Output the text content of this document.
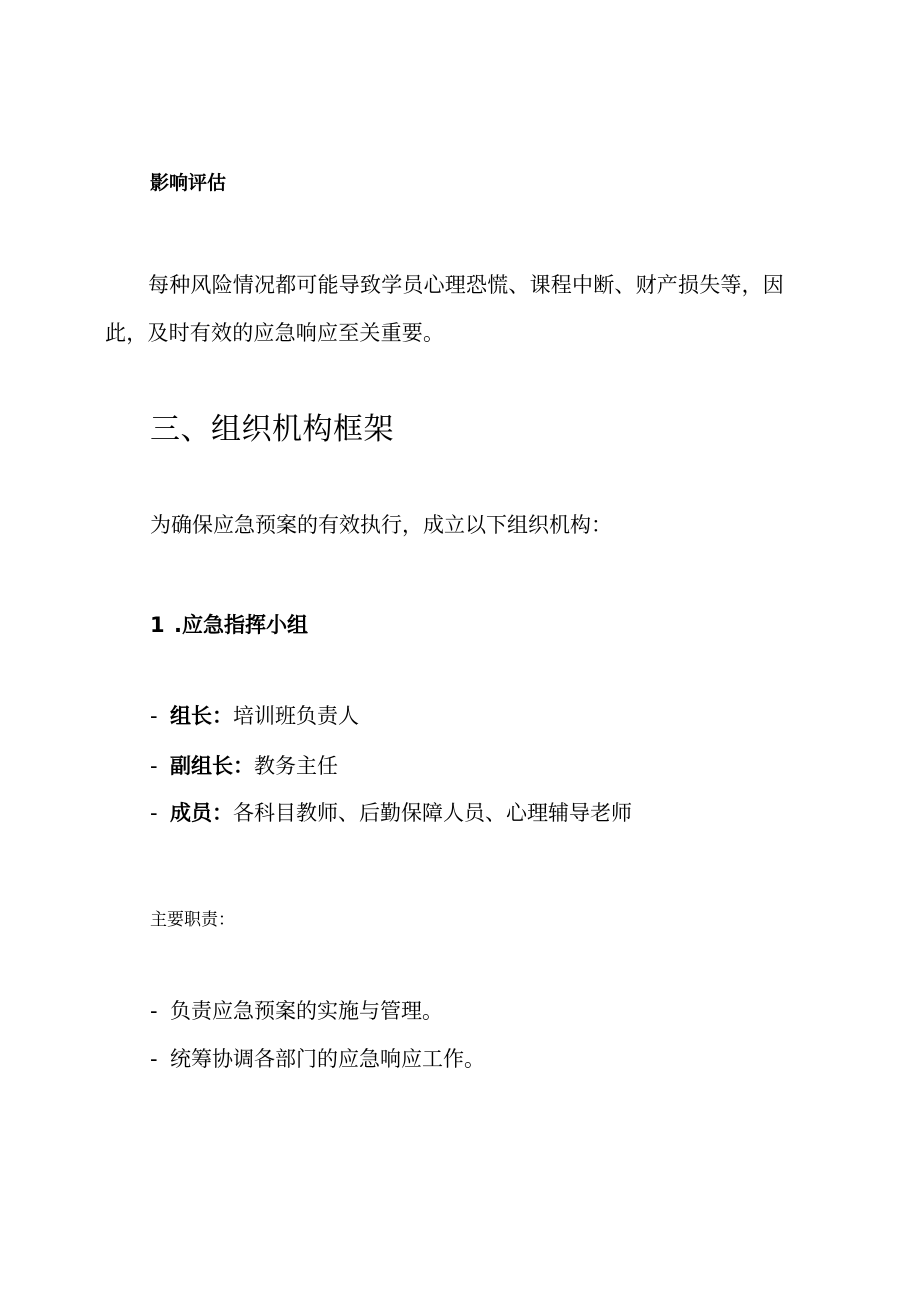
影响评估

每种风险情况都可能导致学员心理恐慌、课程中断、财产损失等，因此，及时有效的应急响应至关重要。

三、组织机构框架

为确保应急预案的有效执行，成立以下组织机构：

1 .应急指挥小组

- 组长：培训班负责人

- 副组长：教务主任

- 成员：各科目教师、后勤保障人员、心理辅导老师

主要职责：

- 负责应急预案的实施与管理。

- 统筹协调各部门的应急响应工作。
